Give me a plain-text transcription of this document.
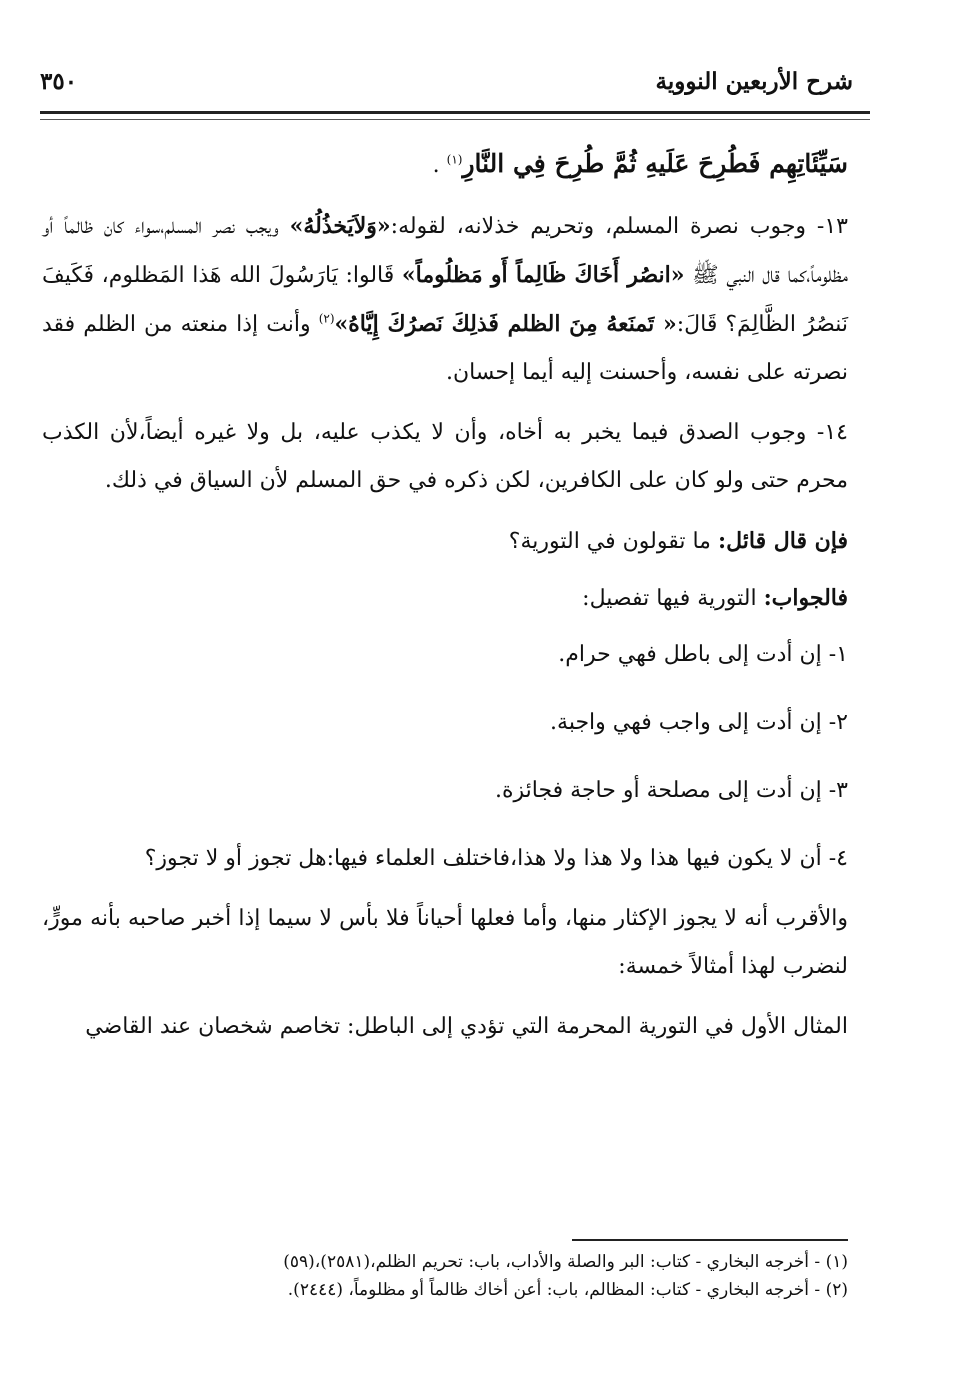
شرح الأربعين النووية
٣٥٠

سَيِّئَاتِهِم فَطُرِحَ عَلَيهِ ثُمَّ طُرِحَ فِي النَّارِ$^{(١)}$ .

١٣- وجوب نصرة المسلم، وتحريم خذلانه، لقوله:«وَلاَيَخذُلُهُ» ويجب نصر المسلم،سواء كان ظالماً أو مظلوماً،كما قال النبي ﷺ «انصُر أَخَاكَ ظَالِماً أَو مَظلُوماً» قَالوا: يَارَسُولَ الله هَذا المَظلوم، فَكَيفَ نَنصُرُ الظَّالِمَ؟ قَالَ:« تَمنَعهُ مِنَ الظلم فَذلِكَ نَصرُكَ إِيَّاهُ»$^{(٢)}$ وأنت إذا منعته من الظلم فقد نصرته على نفسه، وأحسنت إليه أيما إحسان.

١٤- وجوب الصدق فيما يخبر به أخاه، وأن لا يكذب عليه، بل ولا غيره أيضاً،لأن الكذب محرم حتى ولو كان على الكافرين، لكن ذكره في حق المسلم لأن السياق في ذلك.

فإن قال قائل: ما تقولون في التورية؟

فالجواب: التورية فيها تفصيل:

١- إن أدت إلى باطل فهي حرام.

٢- إن أدت إلى واجب فهي واجبة.

٣- إن أدت إلى مصلحة أو حاجة فجائزة.

٤- أن لا يكون فيها هذا ولا هذا ولا هذا،فاختلف العلماء فيها:هل تجوز أو لا تجوز؟

والأقرب أنه لا يجوز الإكثار منها، وأما فعلها أحياناً فلا بأس لا سيما إذا أخبر صاحبه بأنه مورٍّ، لنضرب لهذا أمثالاً خمسة:

المثال الأول في التورية المحرمة التي تؤدي إلى الباطل: تخاصم شخصان عند القاضي

(١) - أخرجه البخاري - كتاب: البر والصلة والأداب، باب: تحريم الظلم،(٢٥٨١)،(٥٩)

(٢) - أخرجه البخاري - كتاب: المظالم، باب: أعن أخاك ظالماً أو مظلوماً، (٢٤٤٤).
